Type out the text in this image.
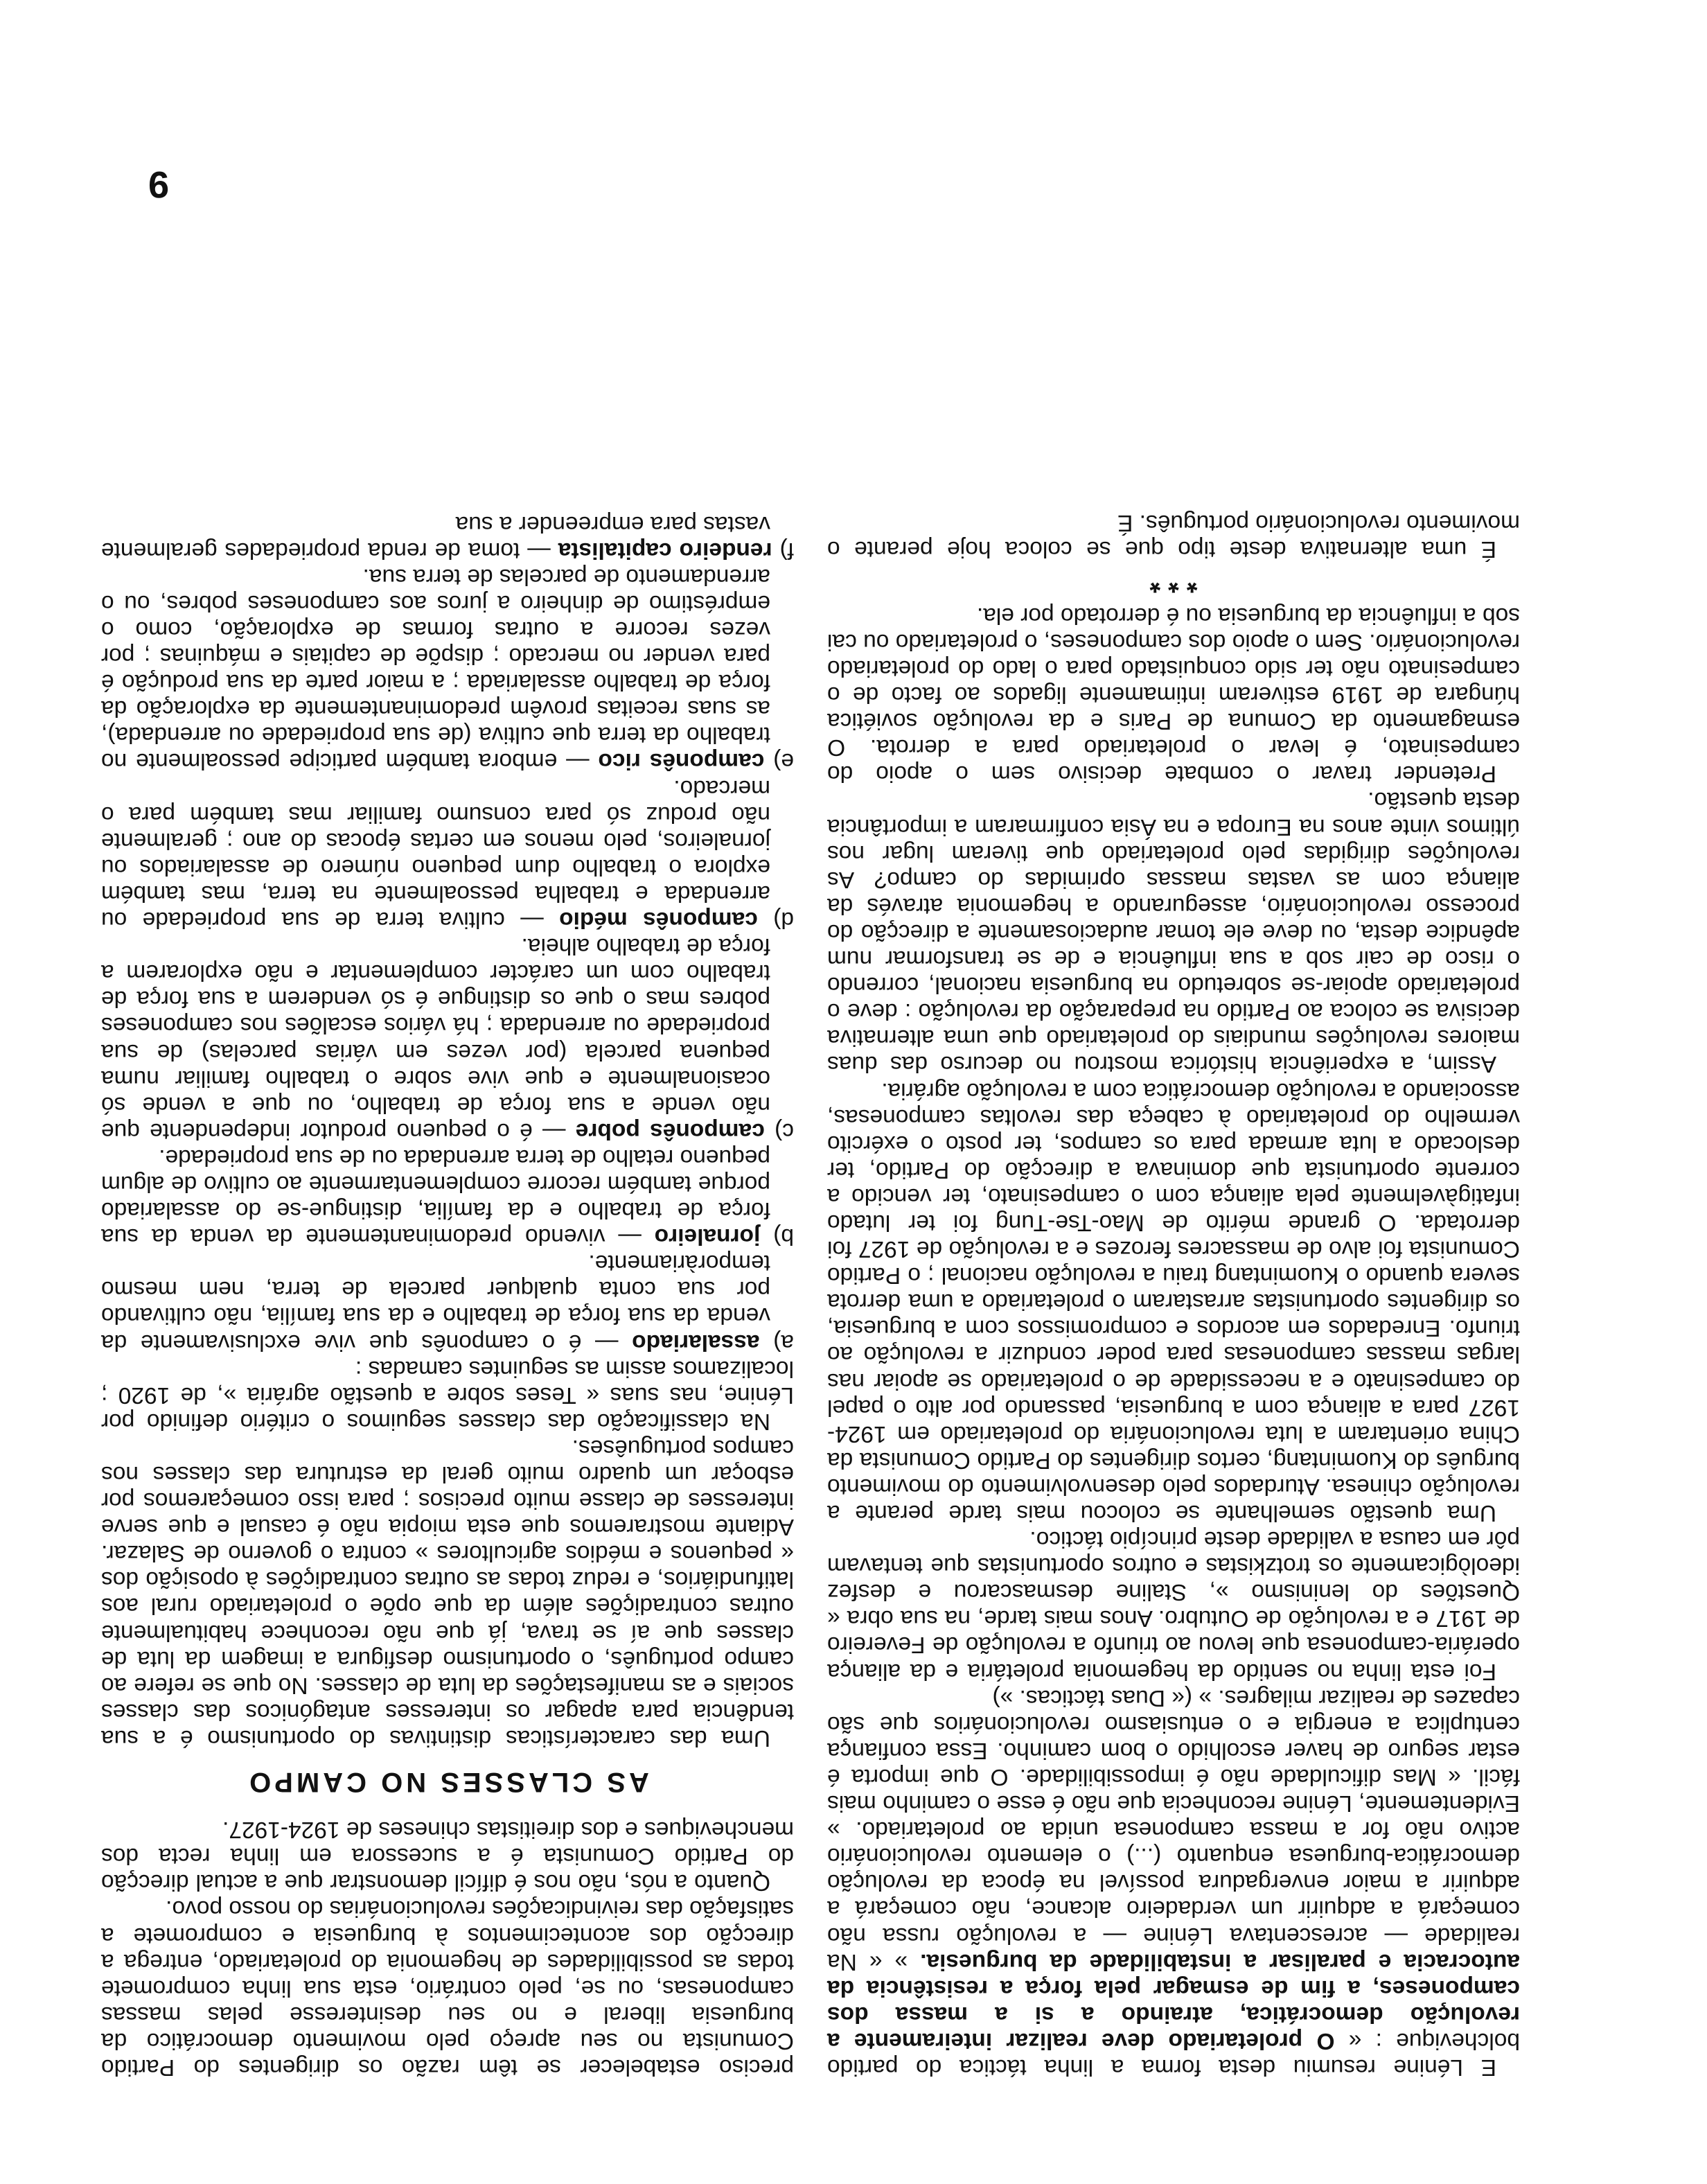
E Lénine resumiu desta forma a linha táctica do partido bolchevique : « O proletariado deve realizar inteiramente a revolução democrática, atraindo a si a massa dos camponeses, a fim de esmagar pela força a resistência da autocracia e paralisar a instabilidade da burguesia. » « Na realidade — acrescentava Lénine — a revolução russa não começará a adquirir um verdadeiro alcance, não começará a adquirir a maior envergadura possível na época da revolução democrática-burguesa enquanto (...) o elemento revolucionário activo não for a massa camponesa unida ao proletariado. » Evidentemente, Lénine reconhecia que não é esse o caminho mais fácil. « Mas dificuldade não é impossibilidade. O que importa é estar seguro de haver escolhido o bom caminho. Essa confiança centuplica a energia e o entusiasmo revolucionários que são capazes de realizar milagres. » (« Duas tácticas. »)

Foi esta linha no sentido da hegemonia proletária e da aliança operária-camponesa que levou ao triunfo a revolução de Fevereiro de 1917 e a revolução de Outubro. Anos mais tarde, na sua obra « Questões do leninismo », Staline desmascarou e desfez ideològicamente os trotzkistas e outros oportunistas que tentavam pôr em causa a validade deste princípio táctico.

Uma questão semelhante se colocou mais tarde perante a revolução chinesa. Aturdados pelo desenvolvimento do movimento burguês do Kuomintang, certos dirigentes do Partido Comunista da China orientaram a luta revolucionária do proletariado em 1924-1927 para a aliança com a burguesia, passando por alto o papel do campesinato e a necessidade de o proletariado se apoiar nas largas massas camponesas para poder conduzir a revolução ao triunfo. Enredados em acordos e compromissos com a burguesia, os dirigentes oportunistas arrastaram o proletariado a uma derrota severa quando o Kuomintang traiu a revolução nacional ; o Partido Comunista foi alvo de massacres ferozes e a revolução de 1927 foi derrotada. O grande mérito de Mao-Tse-Tung foi ter lutado infatigàvelmente pela aliança com o campesinato, ter vencido a corrente oportunista que dominava a direcção do Partido, ter deslocado a luta armada para os campos, ter posto o exército vermelho do proletariado à cabeça das revoltas camponesas, associando a revolução democrática com a revolução agrária.

Assim, a experiência histórica mostrou no decurso das duas maiores revoluções mundiais do proletariado que uma alternativa decisiva se coloca ao Partido na preparação da revolução : deve o proletariado apoiar-se sobretudo na burguesia nacional, correndo o risco de cair sob a sua influência e de se transformar num apêndice desta, ou deve ele tomar audaciosamente a direcção do processo revolucionário, assegurando a hegemonia através da aliança com as vastas massas oprimidas do campo? As revoluções dirigidas pelo proletariado que tiveram lugar nos últimos vinte anos na Europa e na Ásia confirmaram a importância desta questão.

Pretender travar o combate decisivo sem o apoio do campesinato, é levar o proletariado para a derrota. O esmagamento da Comuna de Paris e da revolução soviética húngara de 1919 estiveram intimamente ligados ao facto de o campesinato não ter sido conquistado para o lado do proletariado revolucionário. Sem o apoio dos camponeses, o proletariado ou cai sob a influência da burguesia ou é derrotado por ela.

* * *

É uma alternativa deste tipo que se coloca hoje perante o movimento revolucionário português. É

preciso estabelecer se têm razão os dirigentes do Partido Comunista no seu apreço pelo movimento democrático da burguesia liberal e no seu desinteresse pelas massas camponesas, ou se, pelo contrário, esta sua linha compromete todas as possibilidades de hegemonia do proletariado, entrega a direcção dos acontecimentos à burguesia e compromete a satisfação das reivindicações revolucionárias do nosso povo.

Quanto a nós, não nos é difícil demonstrar que a actual direcção do Partido Comunista é a sucessora em linha recta dos mencheviques e dos direitistas chineses de 1924-1927.

AS CLASSES NO CAMPO

Uma das características distintivas do oportunismo é a sua tendência para apagar os interesses antagónicos das classes sociais e as manifestações da luta de classes. No que se refere ao campo português, o oportunismo desfigura a imagem da luta de classes que aí se trava, já que não reconhece habitualmente outras contradições além da que opõe o proletariado rural aos latifundiários, e reduz todas as outras contradições à oposição dos « pequenos e médios agricultores » contra o governo de Salazar. Adiante mostraremos que esta miopia não é casual e que serve interesses de classe muito precisos ; para isso começaremos por esboçar um quadro muito geral da estrutura das classes nos campos portuguêses.

Na classificação das classes seguimos o critério definido por Lénine, nas suas « Teses sobre a questão agrária », de 1920 ; localizamos assim as seguintes camadas :

a) assalariado — é o camponês que vive exclusivamente da venda da sua força de trabalho e da sua família, não cultivando por sua conta qualquer parcela de terra, nem mesmo temporàriamente.

b) jornaleiro — vivendo predominantemente da venda da sua força de trabalho e da família, distingue-se do assalariado porque também recorre complementarmente ao cultivo de algum pequeno retalho de terra arrendada ou de sua propriedade.

c) camponês pobre — é o pequeno produtor independente que não vende a sua força de trabalho, ou que a vende só ocasionalmente e que vive sobre o trabalho familiar numa pequena parcela (por vezes em várias parcelas) de sua propriedade ou arrendada ; há vários escalões nos camponeses pobres mas o que os distingue é só venderem a sua força de trabalho com um carácter complementar e não explorarem a força de trabalho alheia.

d) camponês médio — cultiva terra de sua propriedade ou arrendada e trabalha pessoalmente na terra, mas também explora o trabalho dum pequeno número de assalariados ou jornaleiros, pelo menos em certas épocas do ano ; geralmente não produz só para consumo familiar mas também para o mercado.

e) camponês rico — embora também participe pessoalmente no trabalho da terra que cultiva (de sua propriedade ou arrendada), as suas receitas provêm predominantemente da exploração da força de trabalho assalariada ; a maior parte da sua produção é para vender no mercado ; dispõe de capitais e máquinas ; por vezes recorre a outras formas de exploração, como o empréstimo de dinheiro a juros aos camponeses pobres, ou o arrendamento de parcelas de terra sua.

f) rendeiro capitalista — toma de renda propriedades geralmente vastas para empreender a sua

9
